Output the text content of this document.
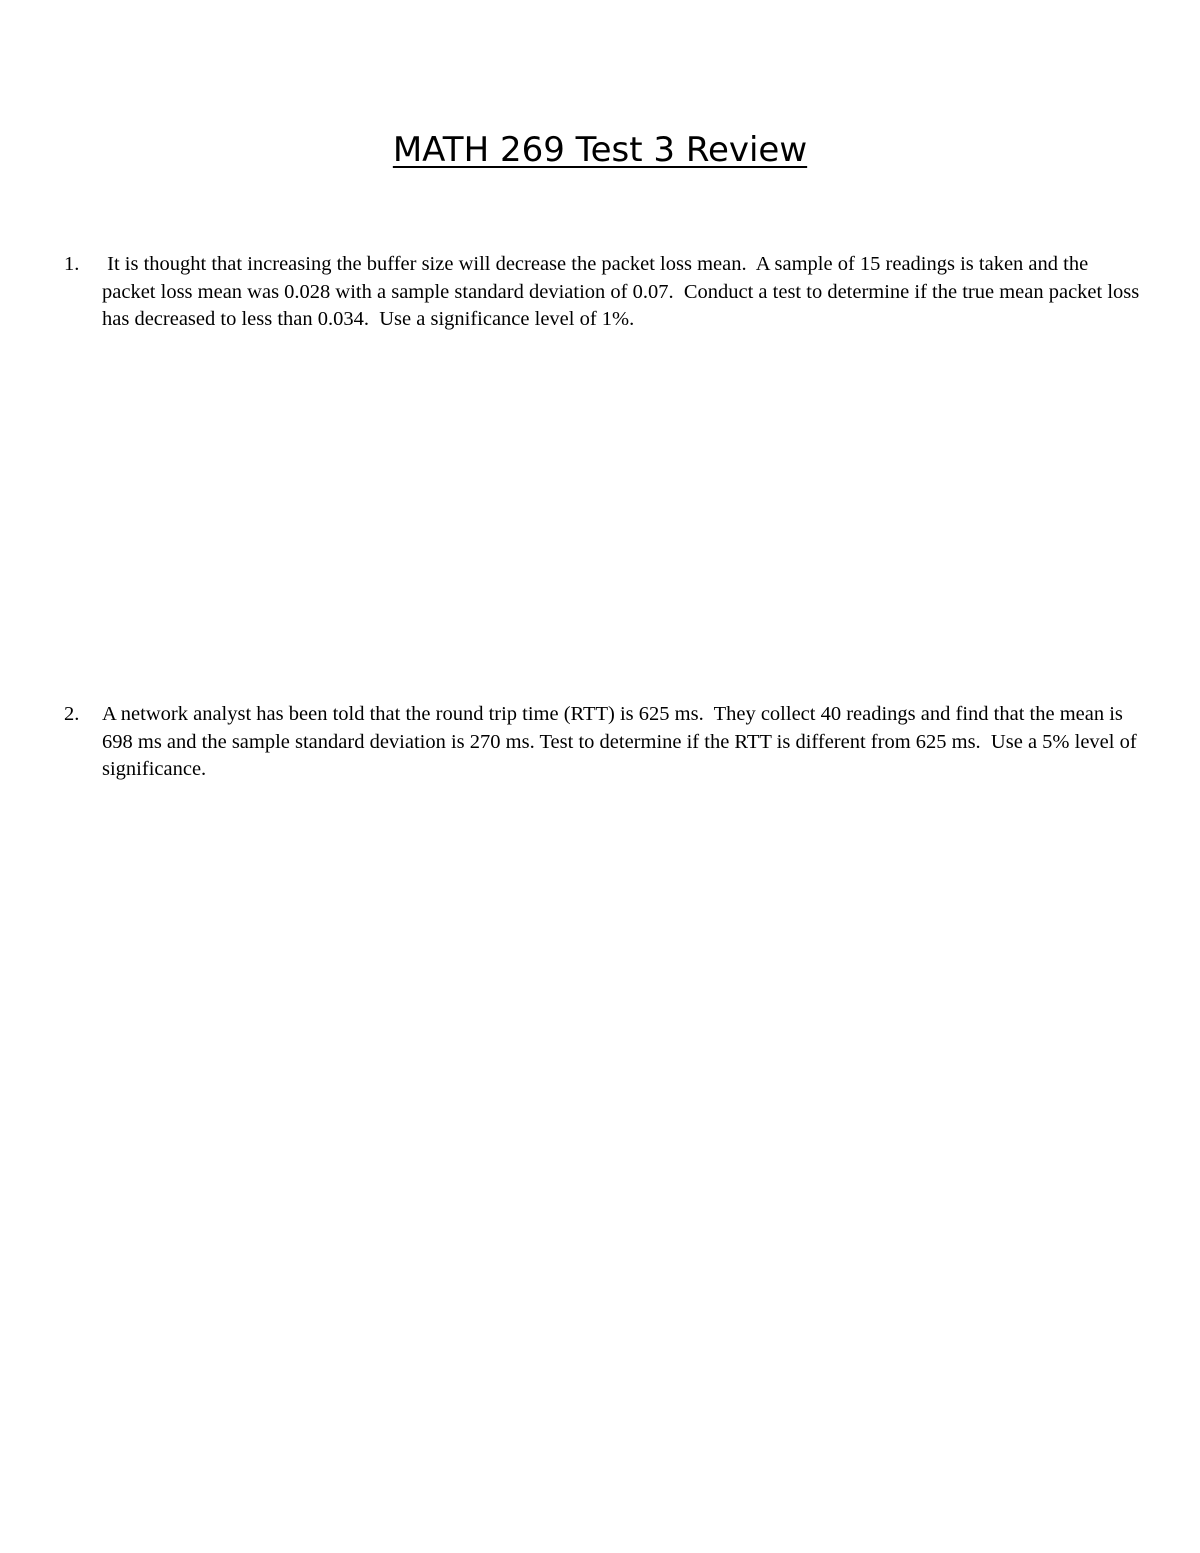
MATH 269 Test 3 Review
1.	It is thought that increasing the buffer size will decrease the packet loss mean.  A sample of 15 readings is taken and the packet loss mean was 0.028 with a sample standard deviation of 0.07.  Conduct a test to determine if the true mean packet loss has decreased to less than 0.034.  Use a significance level of 1%.
2.	A network analyst has been told that the round trip time (RTT) is 625 ms.  They collect 40 readings and find that the mean is 698 ms and the sample standard deviation is 270 ms. Test to determine if the RTT is different from 625 ms.  Use a 5% level of significance.
